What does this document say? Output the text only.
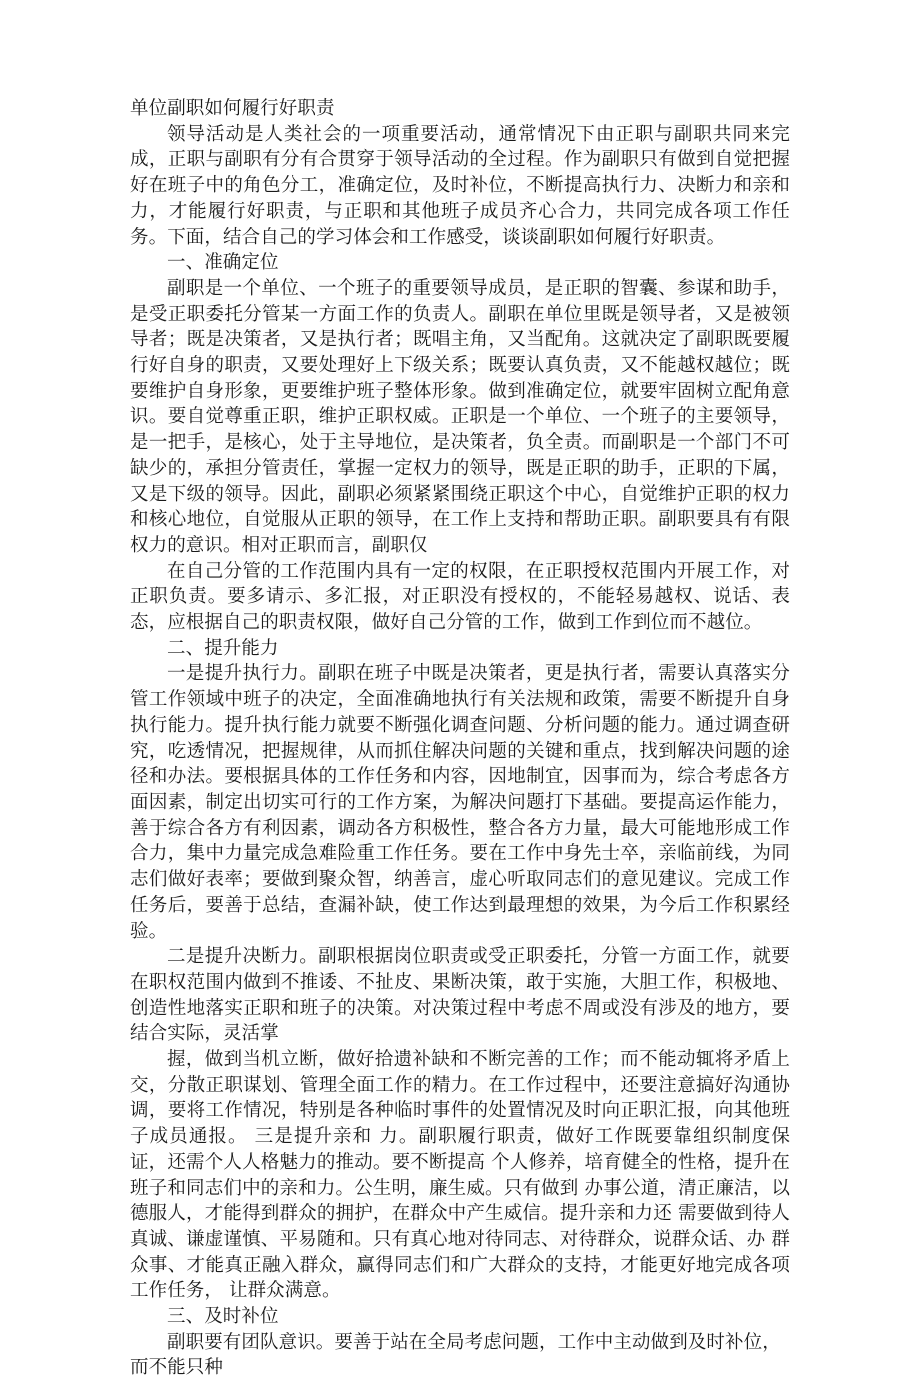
单位副职如何履行好职责

领导活动是人类社会的一项重要活动，通常情况下由正职与副职共同来完成，正职与副职有分有合贯穿于领导活动的全过程。作为副职只有做到自觉把握好在班子中的角色分工，准确定位，及时补位，不断提高执行力、决断力和亲和力，才能履行好职责，与正职和其他班子成员齐心合力，共同完成各项工作任务。下面，结合自己的学习体会和工作感受，谈谈副职如何履行好职责。

一、准确定位

副职是一个单位、一个班子的重要领导成员，是正职的智囊、参谋和助手，是受正职委托分管某一方面工作的负责人。副职在单位里既是领导者，又是被领导者；既是决策者，又是执行者；既唱主角，又当配角。这就决定了副职既要履行好自身的职责，又要处理好上下级关系；既要认真负责，又不能越权越位；既要维护自身形象，更要维护班子整体形象。做到准确定位，就要牢固树立配角意识。要自觉尊重正职，维护正职权威。正职是一个单位、一个班子的主要领导，是一把手，是核心，处于主导地位，是决策者，负全责。而副职是一个部门不可缺少的，承担分管责任，掌握一定权力的领导，既是正职的助手，正职的下属，又是下级的领导。因此，副职必须紧紧围绕正职这个中心，自觉维护正职的权力和核心地位，自觉服从正职的领导，在工作上支持和帮助正职。副职要具有有限权力的意识。相对正职而言，副职仅

在自己分管的工作范围内具有一定的权限，在正职授权范围内开展工作，对正职负责。要多请示、多汇报，对正职没有授权的，不能轻易越权、说话、表态，应根据自己的职责权限，做好自己分管的工作，做到工作到位而不越位。

二、提升能力

一是提升执行力。副职在班子中既是决策者，更是执行者，需要认真落实分管工作领域中班子的决定，全面准确地执行有关法规和政策，需要不断提升自身执行能力。提升执行能力就要不断强化调查问题、分析问题的能力。通过调查研究，吃透情况，把握规律，从而抓住解决问题的关键和重点，找到解决问题的途径和办法。要根据具体的工作任务和内容，因地制宜，因事而为，综合考虑各方面因素，制定出切实可行的工作方案，为解决问题打下基础。要提高运作能力，善于综合各方有利因素，调动各方积极性，整合各方力量，最大可能地形成工作合力，集中力量完成急难险重工作任务。要在工作中身先士卒，亲临前线，为同志们做好表率；要做到聚众智，纳善言，虚心听取同志们的意见建议。完成工作任务后，要善于总结，查漏补缺，使工作达到最理想的效果，为今后工作积累经验。

二是提升决断力。副职根据岗位职责或受正职委托，分管一方面工作，就要在职权范围内做到不推诿、不扯皮、果断决策，敢于实施，大胆工作，积极地、创造性地落实正职和班子的决策。对决策过程中考虑不周或没有涉及的地方，要结合实际，灵活掌

握，做到当机立断，做好拾遗补缺和不断完善的工作；而不能动辄将矛盾上交，分散正职谋划、管理全面工作的精力。在工作过程中，还要注意搞好沟通协调，要将工作情况，特别是各种临时事件的处置情况及时向正职汇报，向其他班子成员通报。 三是提升亲和 力。副职履行职责，做好工作既要靠组织制度保证，还需个人人格魅力的推动。要不断提高 个人修养，培育健全的性格，提升在班子和同志们中的亲和力。公生明，廉生威。只有做到 办事公道，清正廉洁，以德服人，才能得到群众的拥护，在群众中产生威信。提升亲和力还 需要做到待人真诚、谦虚谨慎、平易随和。只有真心地对待同志、对待群众，说群众话、办 群众事、才能真正融入群众，赢得同志们和广大群众的支持，才能更好地完成各项工作任务， 让群众满意。

三、及时补位

副职要有团队意识。要善于站在全局考虑问题，工作中主动做到及时补位，而不能只种
